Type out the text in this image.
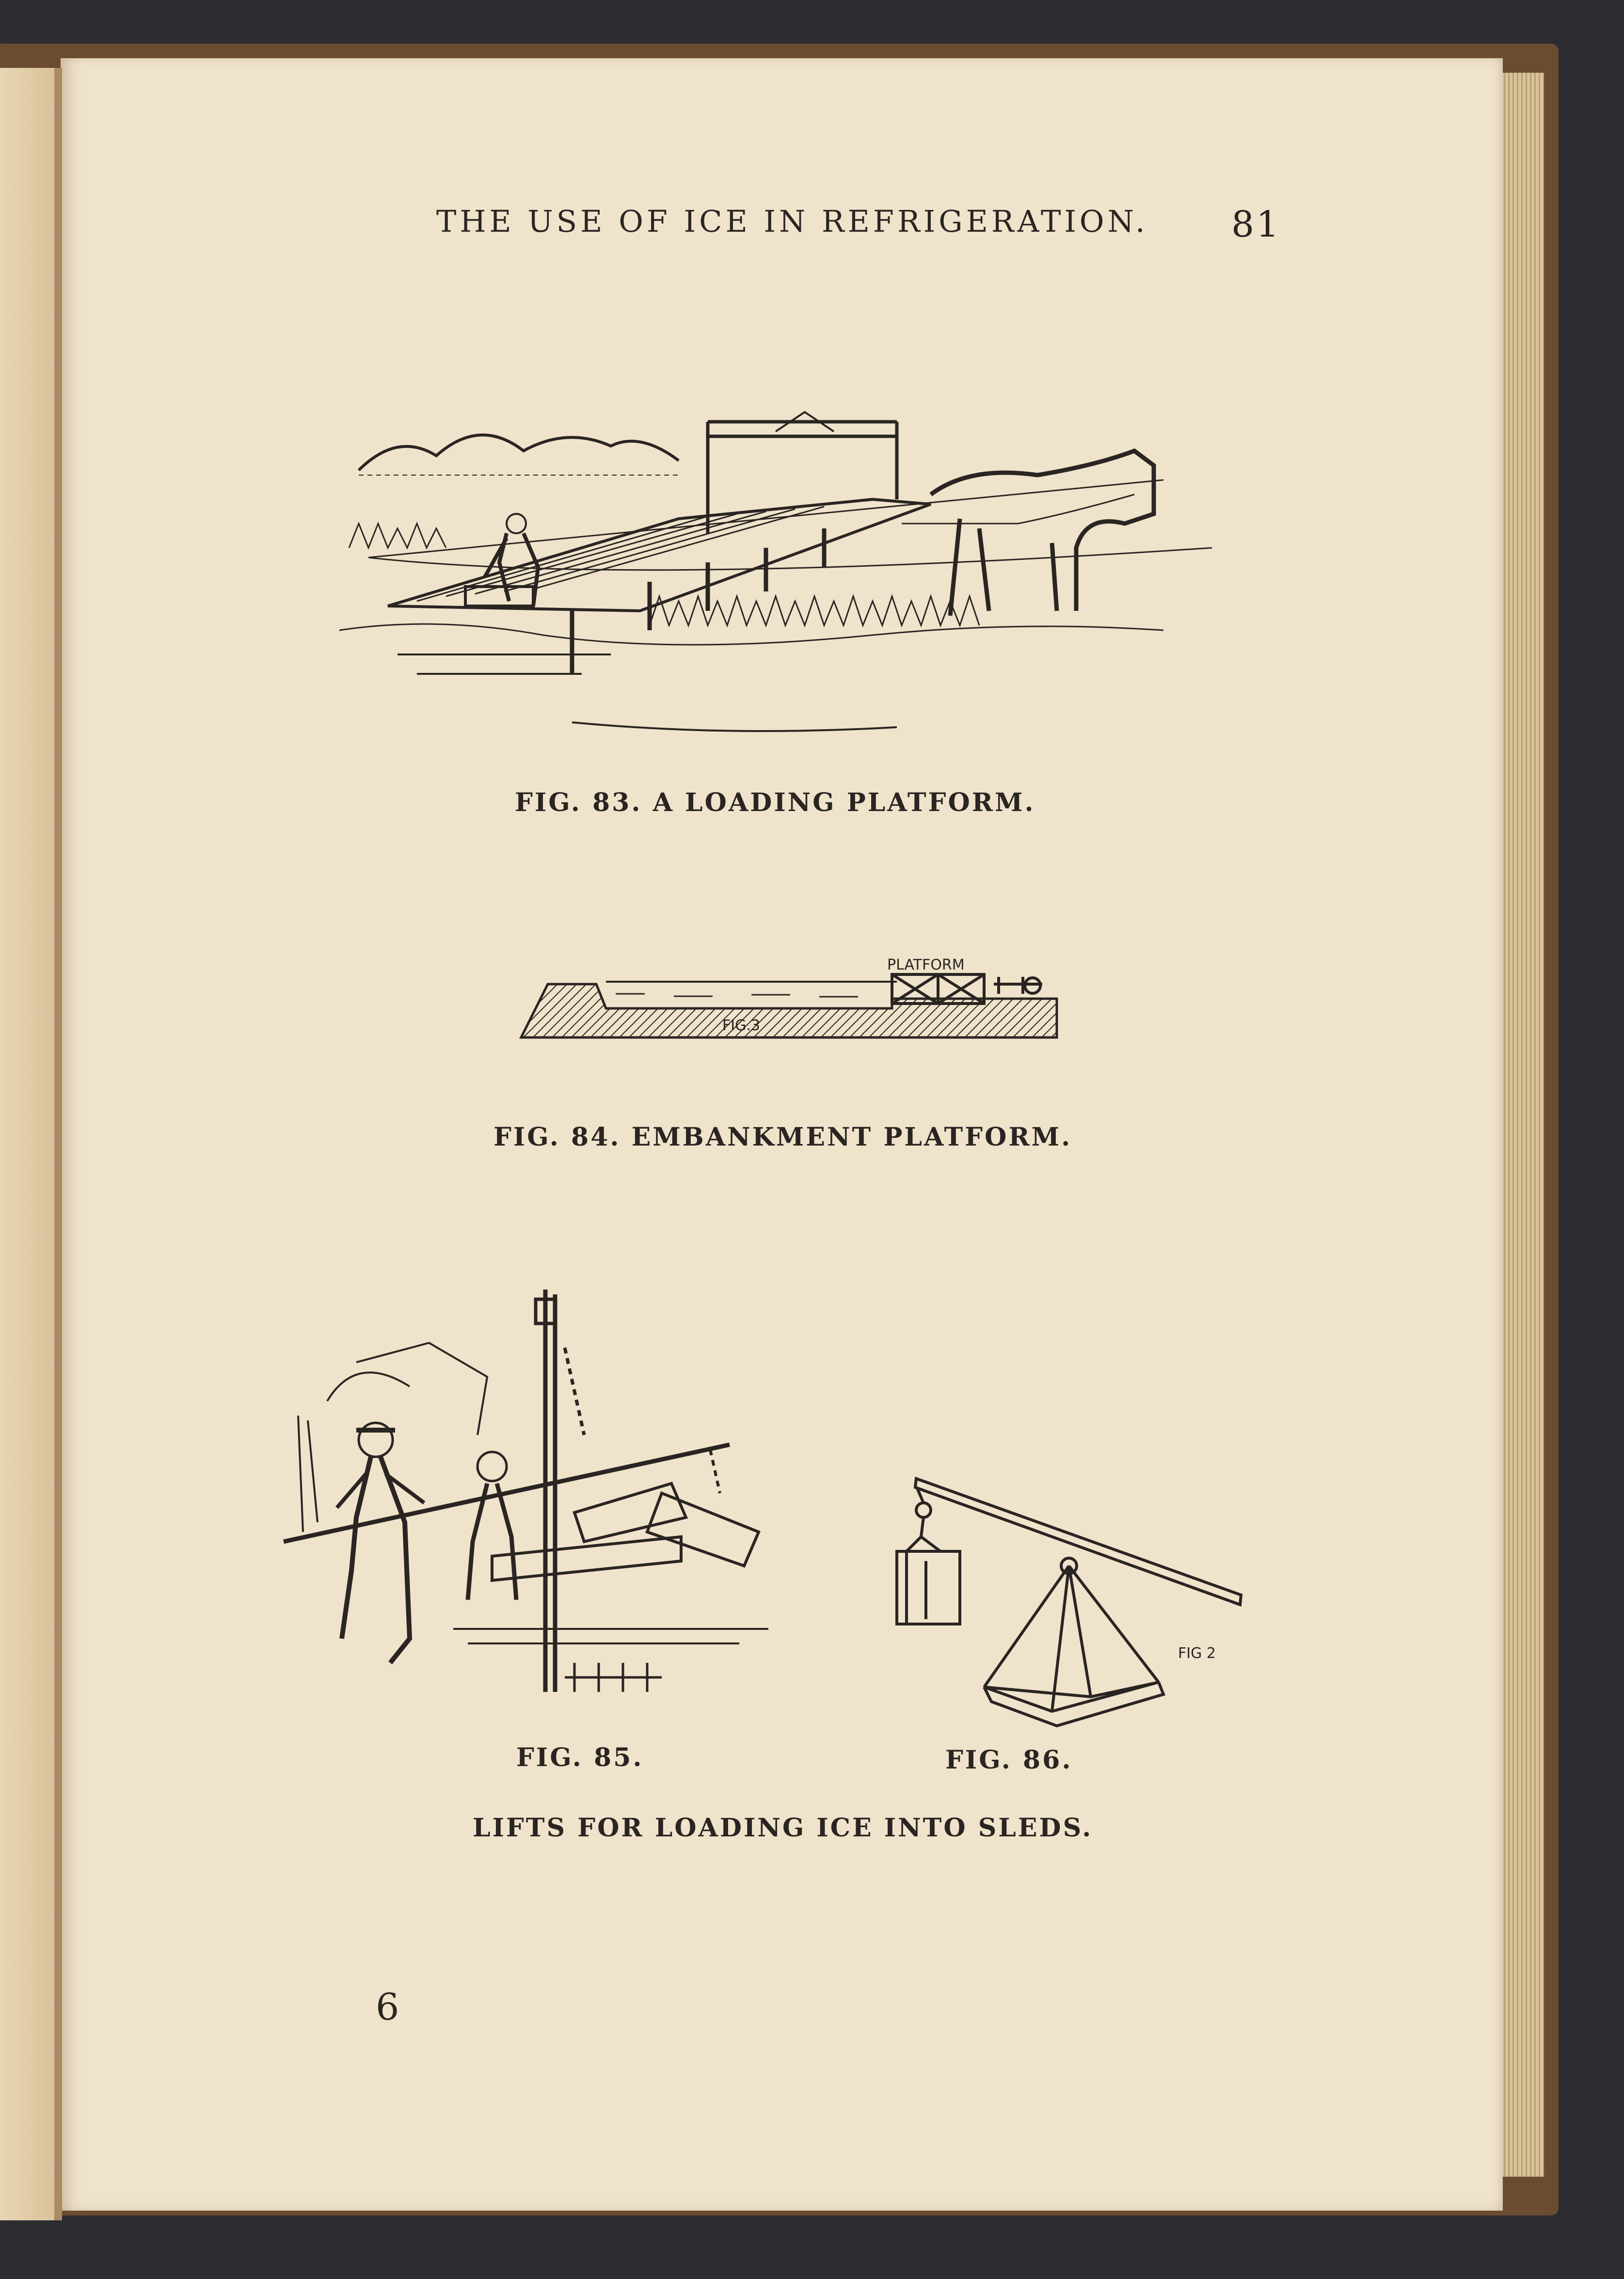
THE USE OF ICE IN REFRIGERATION. 81
FIG. 83. A LOADING PLATFORM.
PLATFORM
FIG.3
FIG. 84. EMBANKMENT PLATFORM.
FIG. 85.
FIG 2
FIG. 86.
LIFTS FOR LOADING ICE INTO SLEDS.
6
